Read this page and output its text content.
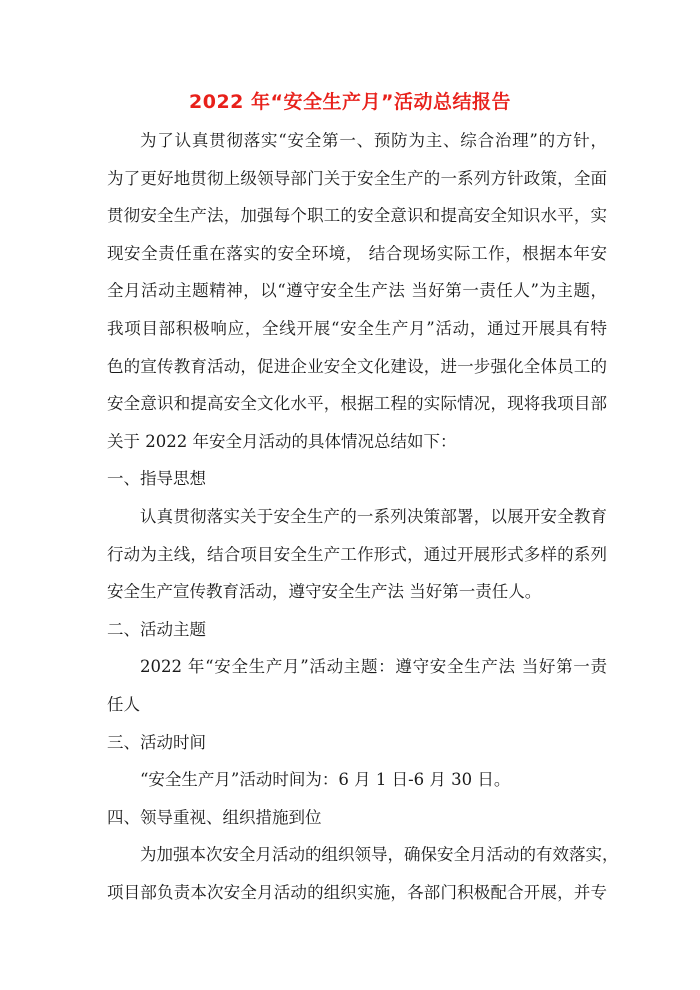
2022 年“安全生产月”活动总结报告
为了认真贯彻落实“安全第一、预防为主、综合治理”的方针，
为了更好地贯彻上级领导部门关于安全生产的一系列方针政策，全面
贯彻安全生产法，加强每个职工的安全意识和提高安全知识水平，实
现安全责任重在落实的安全环境， 结合现场实际工作，根据本年安
全月活动主题精神，以“遵守安全生产法 当好第一责任人”为主题，
我项目部积极响应，全线开展“安全生产月”活动，通过开展具有特
色的宣传教育活动，促进企业安全文化建设，进一步强化全体员工的
安全意识和提高安全文化水平，根据工程的实际情况，现将我项目部
关于 2022 年安全月活动的具体情况总结如下：
一、指导思想
认真贯彻落实关于安全生产的一系列决策部署，以展开安全教育
行动为主线，结合项目安全生产工作形式，通过开展形式多样的系列
安全生产宣传教育活动，遵守安全生产法 当好第一责任人。
二、活动主题
2022 年“安全生产月”活动主题：遵守安全生产法 当好第一责
任人
三、活动时间
“安全生产月”活动时间为：6 月 1 日-6 月 30 日。
四、领导重视、组织措施到位
为加强本次安全月活动的组织领导，确保安全月活动的有效落实，
项目部负责本次安全月活动的组织实施，各部门积极配合开展，并专
